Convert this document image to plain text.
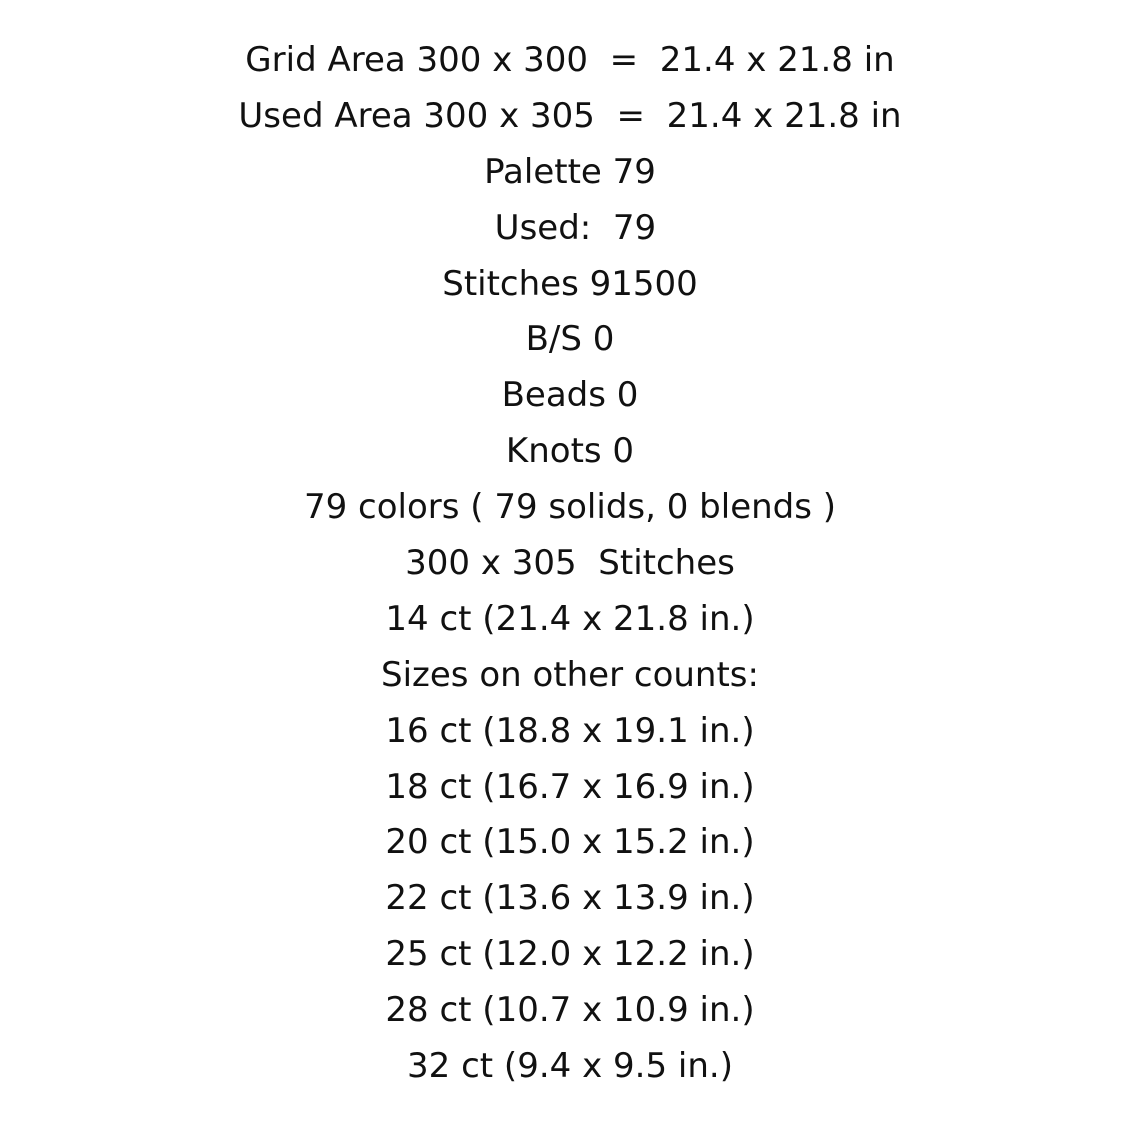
Grid Area 300 x 300  =  21.4 x 21.8 in
Used Area 300 x 305  =  21.4 x 21.8 in
Palette 79
Used:  79
Stitches 91500
B/S 0
Beads 0
Knots 0
79 colors ( 79 solids, 0 blends )
300 x 305  Stitches
14 ct (21.4 x 21.8 in.)
Sizes on other counts:
16 ct (18.8 x 19.1 in.)
18 ct (16.7 x 16.9 in.)
20 ct (15.0 x 15.2 in.)
22 ct (13.6 x 13.9 in.)
25 ct (12.0 x 12.2 in.)
28 ct (10.7 x 10.9 in.)
32 ct (9.4 x 9.5 in.)
